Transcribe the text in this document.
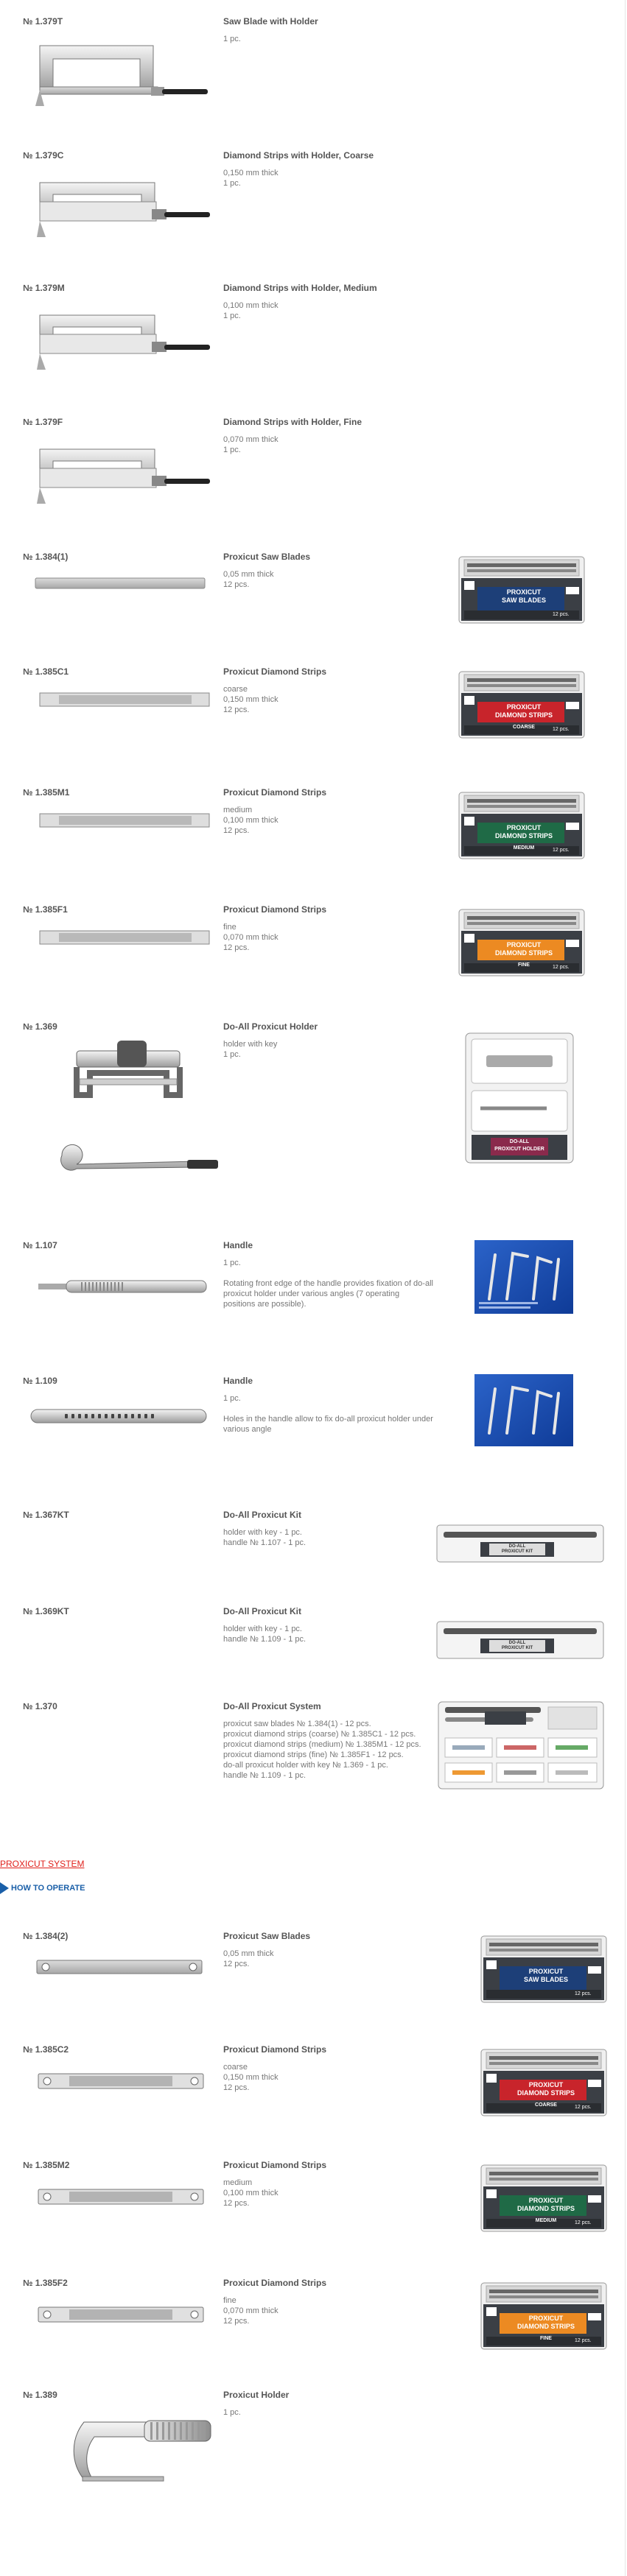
№ 1.379T	Saw Blade with Holder
1 pc.
№ 1.379C	Diamond Strips with Holder, Coarse
0,150 mm thick
1 pc.
№ 1.379M	Diamond Strips with Holder, Medium
0,100 mm thick
1 pc.
№ 1.379F	Diamond Strips with Holder, Fine
0,070 mm thick
1 pc.
№ 1.384(1)	Proxicut Saw Blades
0,05 mm thick
12 pcs.
PROXICUT
SAW BLADES
12 pcs.
№ 1.385C1	Proxicut Diamond Strips
coarse
0,150 mm thick
12 pcs.	PROXICUT
DIAMOND STRIPS
COARSE	12 pcs.
№ 1.385M1	Proxicut Diamond Strips
medium
0,100 mm thick
12 pcs.	PROXICUT
DIAMOND STRIPS
MEDIUM	12 pcs.
№ 1.385F1	Proxicut Diamond Strips
fine
0,070 mm thick
12 pcs.	PROXICUT
DIAMOND STRIPS
FINE	12 pcs.
№ 1.369	Do-All Proxicut Holder
holder with key
1 pc.
DO-ALL
PROXICUT HOLDER
№ 1.107	Handle
1 pc.
Rotating front edge of the handle provides fixation of do-all proxicut holder under various angles (7 operating positions are possible).
№ 1.109	Handle
1 pc.
Holes in the handle allow to fix do-all proxicut holder under various angle
№ 1.367KT	Do-All Proxicut Kit
holder with key - 1 pc.
handle № 1.107 - 1 pc.	DO-ALL
PROXICUT KIT
№ 1.369KT	Do-All Proxicut Kit
holder with key - 1 pc.
handle № 1.109 - 1 pc.	DO-ALL
PROXICUT KIT
№ 1.370	Do-All Proxicut System
proxicut saw blades № 1.384(1) - 12 pcs.
proxicut diamond strips (coarse) № 1.385C1 - 12 pcs.
proxicut diamond strips (medium) № 1.385M1 - 12 pcs.
proxicut diamond strips (fine) № 1.385F1 - 12 pcs.
do-all proxicut holder with key № 1.369 - 1 pc.
handle № 1.109 - 1 pc.
№ 1.384(2)	Proxicut Saw Blades
0,05 mm thick
12 pcs.
PROXICUT
SAW BLADES
12 pcs.
№ 1.385C2	Proxicut Diamond Strips
coarse
0,150 mm thick
12 pcs.	PROXICUT
DIAMOND STRIPS
COARSE	12 pcs.
№ 1.385M2	Proxicut Diamond Strips
medium
0,100 mm thick
12 pcs.	PROXICUT
DIAMOND STRIPS
MEDIUM	12 pcs.
№ 1.385F2	Proxicut Diamond Strips
fine
0,070 mm thick
12 pcs.	PROXICUT
DIAMOND STRIPS
FINE	12 pcs.
№ 1.389	Proxicut Holder
1 pc.
PROXICUT SYSTEM
HOW TO OPERATE
